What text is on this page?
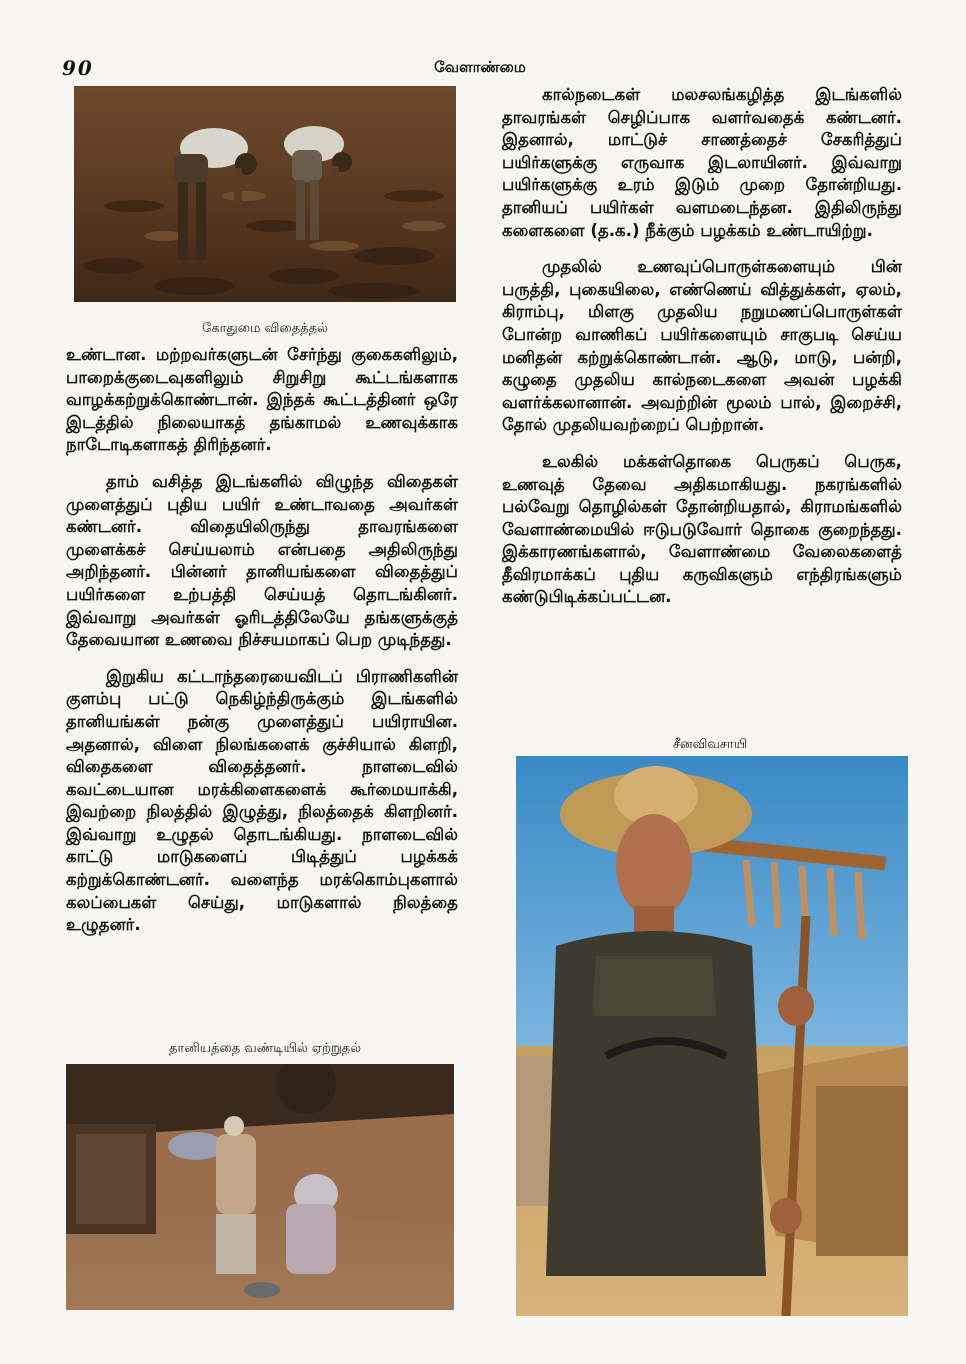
90	வேளாண்மை
கோதுமை விதைத்தல்

உண்டான. மற்றவர்களுடன் சேர்ந்து குகைகளிலும், பாறைக்குடைவுகளிலும் சிறுசிறு கூட்டங்களாக வாழக்கற்றுக்கொண்டான். இந்தக் கூட்டத்தினர் ஒரே இடத்தில் நிலையாகத் தங்காமல் உணவுக்காக நாடோடிகளாகத் திரிந்தனர்.

தாம் வசித்த இடங்களில் விழுந்த விதைகள் முளைத்துப் புதிய பயிர் உண்டாவதை அவர்கள் கண்டனர். விதையிலிருந்து தாவரங்களை முளைக்கச் செய்யலாம் என்பதை அதிலிருந்து அறிந்தனர். பின்னர் தானியங்களை விதைத்துப் பயிர்களை உற்பத்தி செய்யத் தொடங்கினர். இவ்வாறு அவர்கள் ஓரிடத்திலேயே தங்களுக்குத் தேவையான உணவை நிச்சயமாகப் பெற முடிந்தது.

இறுகிய கட்டாந்தரையைவிடப் பிராணிகளின் குளம்பு பட்டு நெகிழ்ந்திருக்கும் இடங்களில் தானியங்கள் நன்கு முளைத்துப் பயிராயின. அதனால், விளை நிலங்களைக் குச்சியால் கிளறி, விதைகளை விதைத்தனர். நாளடைவில் கவட்டையான மரக்கிளைகளைக் கூர்மையாக்கி, இவற்றை நிலத்தில் இழுத்து, நிலத்தைக் கிளறினர். இவ்வாறு உழுதல் தொடங்கியது. நாளடைவில் காட்டு மாடுகளைப் பிடித்துப் பழக்கக் கற்றுக்கொண்டனர். வளைந்த மரக்கொம்புகளால் கலப்பைகள் செய்து, மாடுகளால் நிலத்தை உழுதனர்.

தானியத்தை வண்டியில் ஏற்றுதல்

கால்நடைகள் மலசலங்கழித்த இடங்களில் தாவரங்கள் செழிப்பாக வளர்வதைக் கண்டனர். இதனால், மாட்டுச் சாணத்தைச் சேகரித்துப் பயிர்களுக்கு எருவாக இடலாயினர். இவ்வாறு பயிர்களுக்கு உரம் இடும் முறை தோன்றியது. தானியப் பயிர்கள் வளமடைந்தன. இதிலிருந்து களைகளை (த.க.) நீக்கும் பழக்கம் உண்டாயிற்று.

முதலில் உணவுப்பொருள்களையும் பின் பருத்தி, புகையிலை, எண்ணெய் வித்துக்கள், ஏலம், கிராம்பு, மிளகு முதலிய நறுமணப்பொருள்கள் போன்ற வாணிகப் பயிர்களையும் சாகுபடி செய்ய மனிதன் கற்றுக்கொண்டான். ஆடு, மாடு, பன்றி, கழுதை முதலிய கால்நடைகளை அவன் பழக்கி வளர்க்கலானான். அவற்றின் மூலம் பால், இறைச்சி, தோல் முதலியவற்றைப் பெற்றான்.

உலகில் மக்கள்தொகை பெருகப் பெருக, உணவுத் தேவை அதிகமாகியது. நகரங்களில் பல்வேறு தொழில்கள் தோன்றியதால், கிராமங்களில் வேளாண்மையில் ஈடுபடுவோர் தொகை குறைந்தது. இக்காரணங்களால், வேளாண்மை வேலைகளைத் தீவிரமாக்கப் புதிய கருவிகளும் எந்திரங்களும் கண்டுபிடிக்கப்பட்டன.

சீனவிவசாயி
